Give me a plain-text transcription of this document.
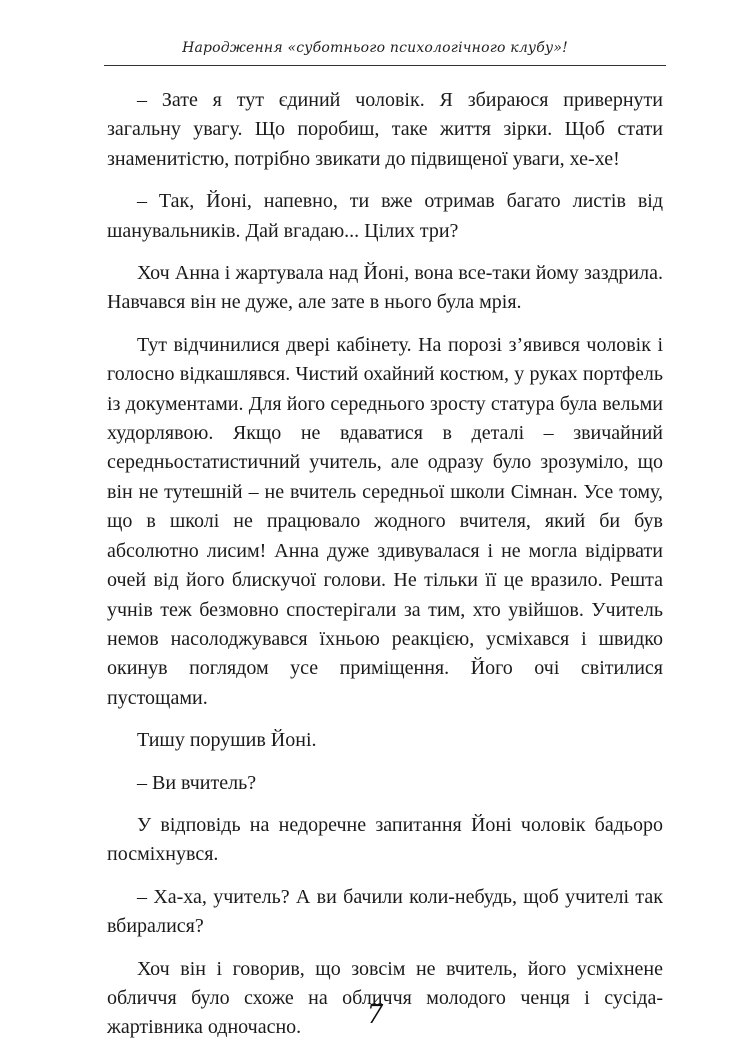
Народження «суботнього психологічного клубу»!

– Зате я тут єдиний чоловік. Я збираюся привернути загальну увагу. Що поробиш, таке життя зірки. Щоб стати знаменитістю, потрібно звикати до підвищеної уваги, хе-хе!

– Так, Йоні, напевно, ти вже отримав багато листів від шанувальників. Дай вгадаю... Цілих три?

Хоч Анна і жартувала над Йоні, вона все-таки йому заздрила. Навчався він не дуже, але зате в нього була мрія.

Тут відчинилися двері кабінету. На порозі з’явився чоловік і голосно відкашлявся. Чистий охайний костюм, у руках портфель із документами. Для його середнього зросту статура була вельми худорлявою. Якщо не вдаватися в деталі – звичайний середньостатистичний учитель, але одразу було зрозуміло, що він не тутешній – не вчитель середньої школи Сімнан. Усе тому, що в школі не працювало жодного вчителя, який би був абсолютно лисим! Анна дуже здивувалася і не могла відірвати очей від його блискучої голови. Не тільки її це вразило. Решта учнів теж безмовно спостерігали за тим, хто увійшов. Учитель немов насолоджувався їхньою реакцією, усміхався і швидко окинув поглядом усе приміщення. Його очі світилися пустощами.

Тишу порушив Йоні.

– Ви вчитель?

У відповідь на недоречне запитання Йоні чоловік бадьоро посміхнувся.

– Ха-ха, учитель? А ви бачили коли-небудь, щоб учителі так вбиралися?

Хоч він і говорив, що зовсім не вчитель, його усміхнене обличчя було схоже на обличчя молодого ченця і сусіда-жартівника одночасно.	7
